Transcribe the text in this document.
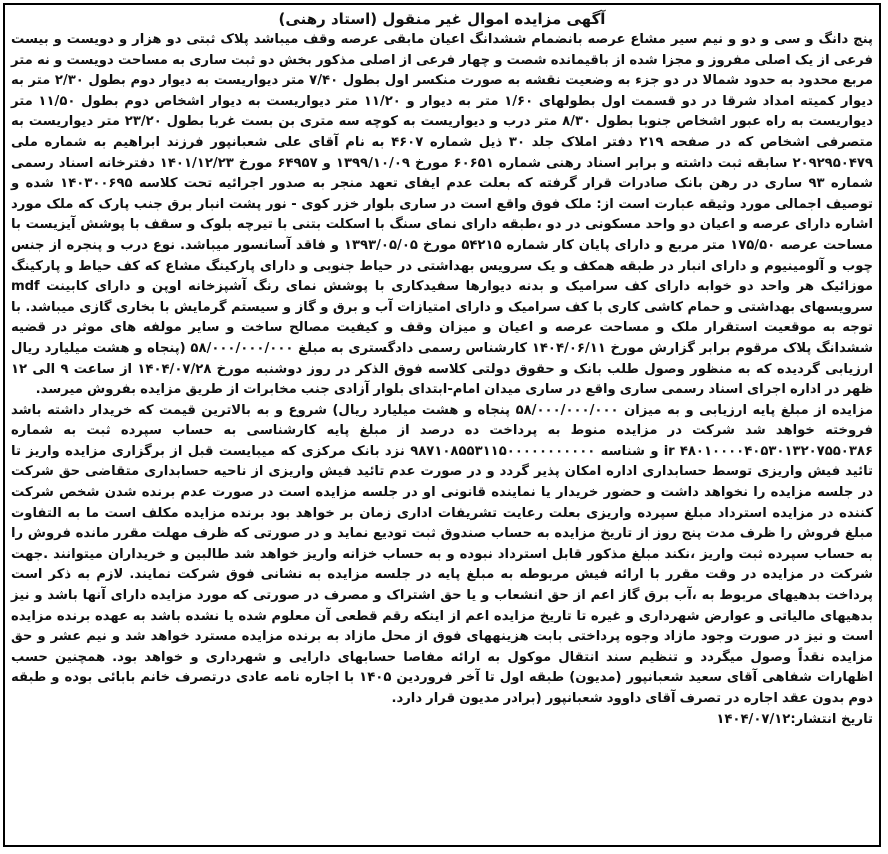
آگهی مزایده اموال غیر منقول (استاد رهنی)

پنج دانگ و سی و دو و نیم سیر مشاع عرصه بانضمام ششدانگ اعیان مابقی عرصه وقف میباشد پلاک ثبتی دو هزار و دویست و بیست فرعی از یک اصلی مفروز و مجزا شده از باقیمانده شصت و چهار فرعی از اصلی مذکور بخش دو ثبت ساری به مساحت دویست و نه متر مربع محدود به حدود شمالا در دو جزء به وضعیت نقشه به صورت منکسر اول بطول ۷/۴۰ متر دیواریست به دیوار دوم بطول ۲/۳۰ متر به دیوار کمیته امداد شرقا در دو قسمت اول بطولهای ۱/۶۰ متر به دیوار و ۱۱/۲۰ متر دیواریست به دیوار اشخاص دوم بطول ۱۱/۵۰ متر دیواریست به راه عبور اشخاص جنوبا بطول ۸/۳۰ متر درب و دیواریست به کوچه سه متری بن بست غربا بطول ۲۳/۲۰ متر دیواریست به متصرفی اشخاص که در صفحه ۲۱۹ دفتر املاک جلد ۳۰ ذیل شماره ۴۶۰۷ به نام آقای علی شعبانپور فرزند ابراهیم به شماره ملی ۲۰۹۲۹۵۰۴۷۹ سابقه ثبت داشته و برابر اسناد رهنی شماره ۶۰۶۵۱ مورخ ۱۳۹۹/۱۰/۰۹ و ۶۴۹۵۷ مورخ ۱۴۰۱/۱۲/۲۳ دفترخانه اسناد رسمی شماره ۹۳ ساری در رهن بانک صادرات قرار گرفته که بعلت عدم ایفای تعهد منجر به صدور اجرائیه تحت کلاسه ۱۴۰۳۰۰۶۹۵ شده و توصیف اجمالی مورد وثیقه عبارت است از: ملک فوق واقع است در ساری بلوار خزر کوی - نور پشت انبار برق جنب پارک که ملک مورد اشاره دارای عرصه و اعیان دو واحد مسکونی در دو ،طبقه دارای نمای سنگ با اسکلت بتنی با تیرچه بلوک و سقف با پوشش آیزیست با مساحت عرصه ۱۷۵/۵۰ متر مربع و دارای پایان کار شماره ۵۴۲۱۵ مورخ ۱۳۹۳/۰۵/۰۵ و فاقد آسانسور میباشد. نوع درب و پنجره از جنس چوب و آلومینیوم و دارای انبار در طبقه همکف و یک سرویس بهداشتی در حیاط جنوبی و دارای پارکینگ مشاع که کف حیاط و پارکینگ موزائیک هر واحد دو خوابه دارای کف سرامیک و بدنه دیوارها سفیدکاری با پوشش نمای رنگ آشپزخانه اوپن و دارای کابینت mdf سرویسهای بهداشتی و حمام کاشی کاری با کف سرامیک و دارای امتیازات آب و برق و گاز و سیستم گرمایش با بخاری گازی میباشد. با توجه به موقعیت استقرار ملک و مساحت عرصه و اعیان و میزان وقف و کیفیت مصالح ساخت و سایر مولفه های موثر در قضیه ششدانگ پلاک مرقوم برابر گزارش مورخ ۱۴۰۴/۰۶/۱۱ کارشناس رسمی دادگستری به مبلغ ۵۸/۰۰۰/۰۰۰/۰۰۰ (پنجاه و هشت میلیارد ریال ارزیابی گردیده که به منظور وصول طلب بانک و حقوق دولتی کلاسه فوق الذکر در روز دوشنبه مورخ ۱۴۰۴/۰۷/۲۸ از ساعت ۹ الی ۱۲ ظهر در اداره اجرای اسناد رسمی ساری واقع در ساری میدان امام-ابتدای بلوار آزادی جنب مخابرات از طریق مزایده بفروش میرسد.

مزایده از مبلغ پایه ارزیابی و به میزان ۵۸/۰۰۰/۰۰۰/۰۰۰ پنجاه و هشت میلیارد ریال) شروع و به بالاترین قیمت که خریدار داشته باشد فروخته خواهد شد شرکت در مزایده منوط به پرداخت ده درصد از مبلغ پایه کارشناسی به حساب سپرده ثبت به شماره ۴۸۰۱۰۰۰۰۴۰۵۳۰۱۳۲۰۷۵۵۰۳۸۶ ir و شناسه ۹۸۷۱۰۸۵۵۳۱۱۵۰۰۰۰۰۰۰۰۰۰۰ نزد بانک مرکزی که میبایست قبل از برگزاری مزایده واریز تا تائید فیش واریزی توسط حسابداری اداره امکان پذیر گردد و در صورت عدم تائید فیش واریزی از ناحیه حسابداری متقاضی حق شرکت در جلسه مزایده را نخواهد داشت و حضور خریدار یا نماینده قانونی او در جلسه مزایده است در صورت عدم برنده شدن شخص شرکت کننده در مزایده استرداد مبلغ سپرده واریزی بعلت رعایت تشریفات اداری زمان بر خواهد بود برنده مزایده مکلف است ما به التفاوت مبلغ فروش را ظرف مدت پنج روز از تاریخ مزایده به حساب صندوق ثبت تودیع نماید و در صورتی که ظرف مهلت مقرر مانده فروش را به حساب سپرده ثبت واریز ،نکند مبلغ مذکور قابل استرداد نبوده و به حساب خزانه واریز خواهد شد طالبین و خریداران میتوانند .جهت شرکت در مزایده در وقت مقرر با ارائه فیش مربوطه به مبلغ پایه در جلسه مزایده به نشانی فوق شرکت نمایند. لازم به ذکر است پرداخت بدهیهای مربوط به ،آب برق گاز اعم از حق انشعاب و یا حق اشتراک و مصرف در صورتی که مورد مزایده دارای آنها باشد و نیز بدهیهای مالیاتی و عوارض شهرداری و غیره تا تاریخ مزایده اعم از اینکه رقم قطعی آن معلوم شده یا نشده باشد به عهده برنده مزایده است و نیز در صورت وجود مازاد وجوه پرداختی بابت هزینههای فوق از محل مازاد به برنده مزایده مسترد خواهد شد و نیم عشر و حق مزایده نقداً وصول میگردد و تنظیم سند انتقال موکول به ارائه مفاصا حسابهای دارایی و شهرداری و خواهد بود. همچنین حسب اظهارات شفاهی آقای سعید شعبانپور (مدیون) طبقه اول تا آخر فروردین ۱۴۰۵ با اجاره نامه عادی درتصرف خانم بابائی بوده و طبقه دوم بدون عقد اجاره در تصرف آقای داوود شعبانپور (برادر مدیون قرار دارد.

تاریخ انتشار:۱۴۰۴/۰۷/۱۲
